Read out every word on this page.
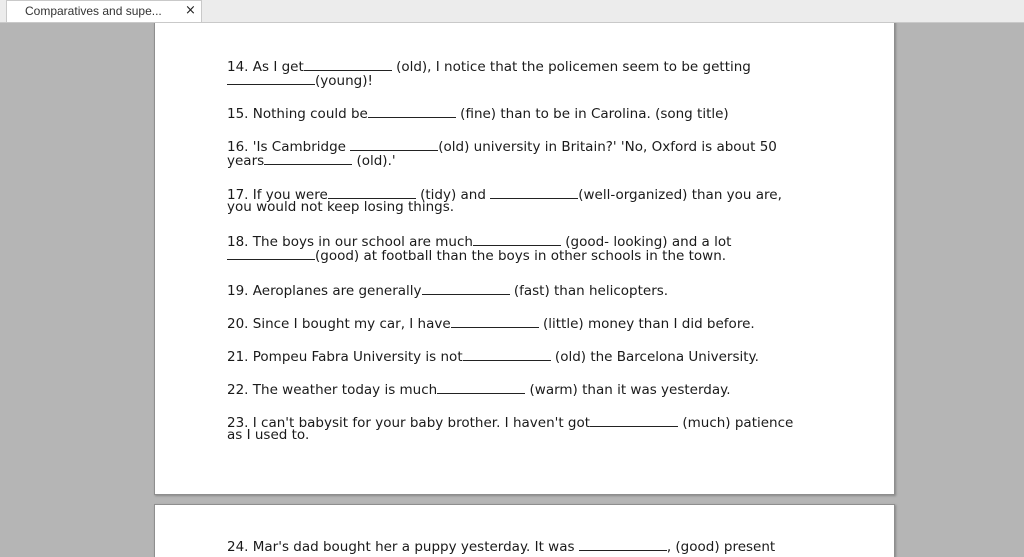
Comparatives and supe... ×
14. As I get	(old), I notice that the policemen seem to be getting
(young)!
15. Nothing could be	(fine) than to be in Carolina. (song title)
16. 'Is Cambridge	(old) university in Britain?' 'No, Oxford is about 50
years	(old).'
17. If you were	(tidy) and	(well-organized) than you are,
you would not keep losing things.
18. The boys in our school are much	(good- looking) and a lot
(good) at football than the boys in other schools in the town.
19. Aeroplanes are generally	(fast) than helicopters.
20. Since I bought my car, I have	(little) money than I did before.
21. Pompeu Fabra University is not	(old) the Barcelona University.
22. The weather today is much	(warm) than it was yesterday.
23. I can't babysit for your baby brother. I haven't got	(much) patience
as I used to.
24. Mar's dad bought her a puppy yesterday. It was	, (good) present
